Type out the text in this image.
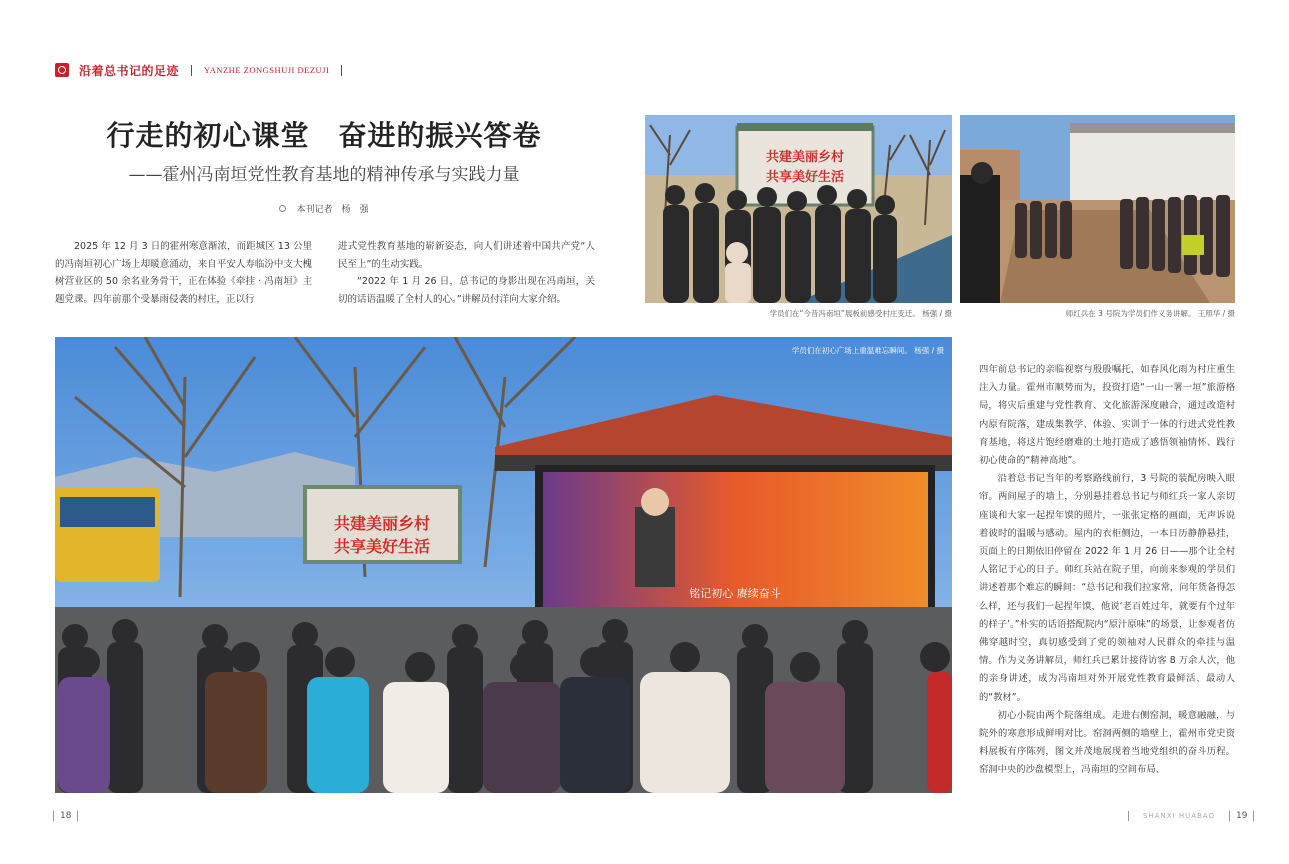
沿着总书记的足迹	YANZHE ZONGSHUJI DEZUJI
行走的初心课堂　奋进的振兴答卷
——霍州冯南垣党性教育基地的精神传承与实践力量
本刊记者　杨　强

2025 年 12 月 3 日的霍州寒意渐浓，而距城区 13 公里的冯南垣初心广场上却暖意涌动，来自平安人寿临汾中支大槐树营业区的 50 余名业务骨干，正在体验《牵挂 · 冯南垣》主题党课。四年前那个受暴雨侵袭的村庄，正以行

进式党性教育基地的崭新姿态，向人们讲述着中国共产党“人民至上”的生动实践。

“2022 年 1 月 26 日，总书记的身影出现在冯南垣，关切的话语温暖了全村人的心。”讲解员付洋向大家介绍。

共建美丽乡村
共享美好生活
学员们在“今昔冯南垣”展板前感受村庄变迁。 杨强 / 摄	师红兵在 3 号院为学员们作义务讲解。 王照华 / 摄
共建美丽乡村
共享美好生活
铭记初心 赓续奋斗
学员们在初心广场上重温难忘瞬间。 杨强 / 摄

四年前总书记的亲临视察与殷殷嘱托，如春风化雨为村庄重生注入力量。霍州市顺势而为，投资打造“一山一署一垣”旅游格局，将灾后重建与党性教育、文化旅游深度融合，通过改造村内原有院落，建成集教学、体验、实训于一体的行进式党性教育基地，将这片饱经磨难的土地打造成了感悟领袖情怀、践行初心使命的“精神高地”。

沿着总书记当年的考察路线前行，3 号院的装配房映入眼帘。两间屋子的墙上，分别悬挂着总书记与师红兵一家人亲切座谈和大家一起捏年馍的照片，一张张定格的画面，无声诉说着彼时的温暖与感动。屋内的衣柜侧边，一本日历静静悬挂，页面上的日期依旧停留在 2022 年 1 月 26 日——那个让全村人铭记于心的日子。师红兵站在院子里，向前来参观的学员们讲述着那个难忘的瞬间：“总书记和我们拉家常，问年货备得怎么样，还与我们一起捏年馍，他说‘老百姓过年，就要有个过年的样子’。”朴实的话语搭配院内“原汁原味”的场景，让参观者仿佛穿越时空，真切感受到了党的领袖对人民群众的牵挂与温情。作为义务讲解员，师红兵已累计接待访客 8 万余人次，他的亲身讲述，成为冯南垣对外开展党性教育最鲜活、最动人的“教材”。

初心小院由两个院落组成。走进右侧窑洞，暖意融融，与院外的寒意形成鲜明对比。窑洞两侧的墙壁上，霍州市党史资料展板有序陈列，图文并茂地展现着当地党组织的奋斗历程。窑洞中央的沙盘模型上，冯南垣的空间布局、

18	SHANXI HUABAO 19
